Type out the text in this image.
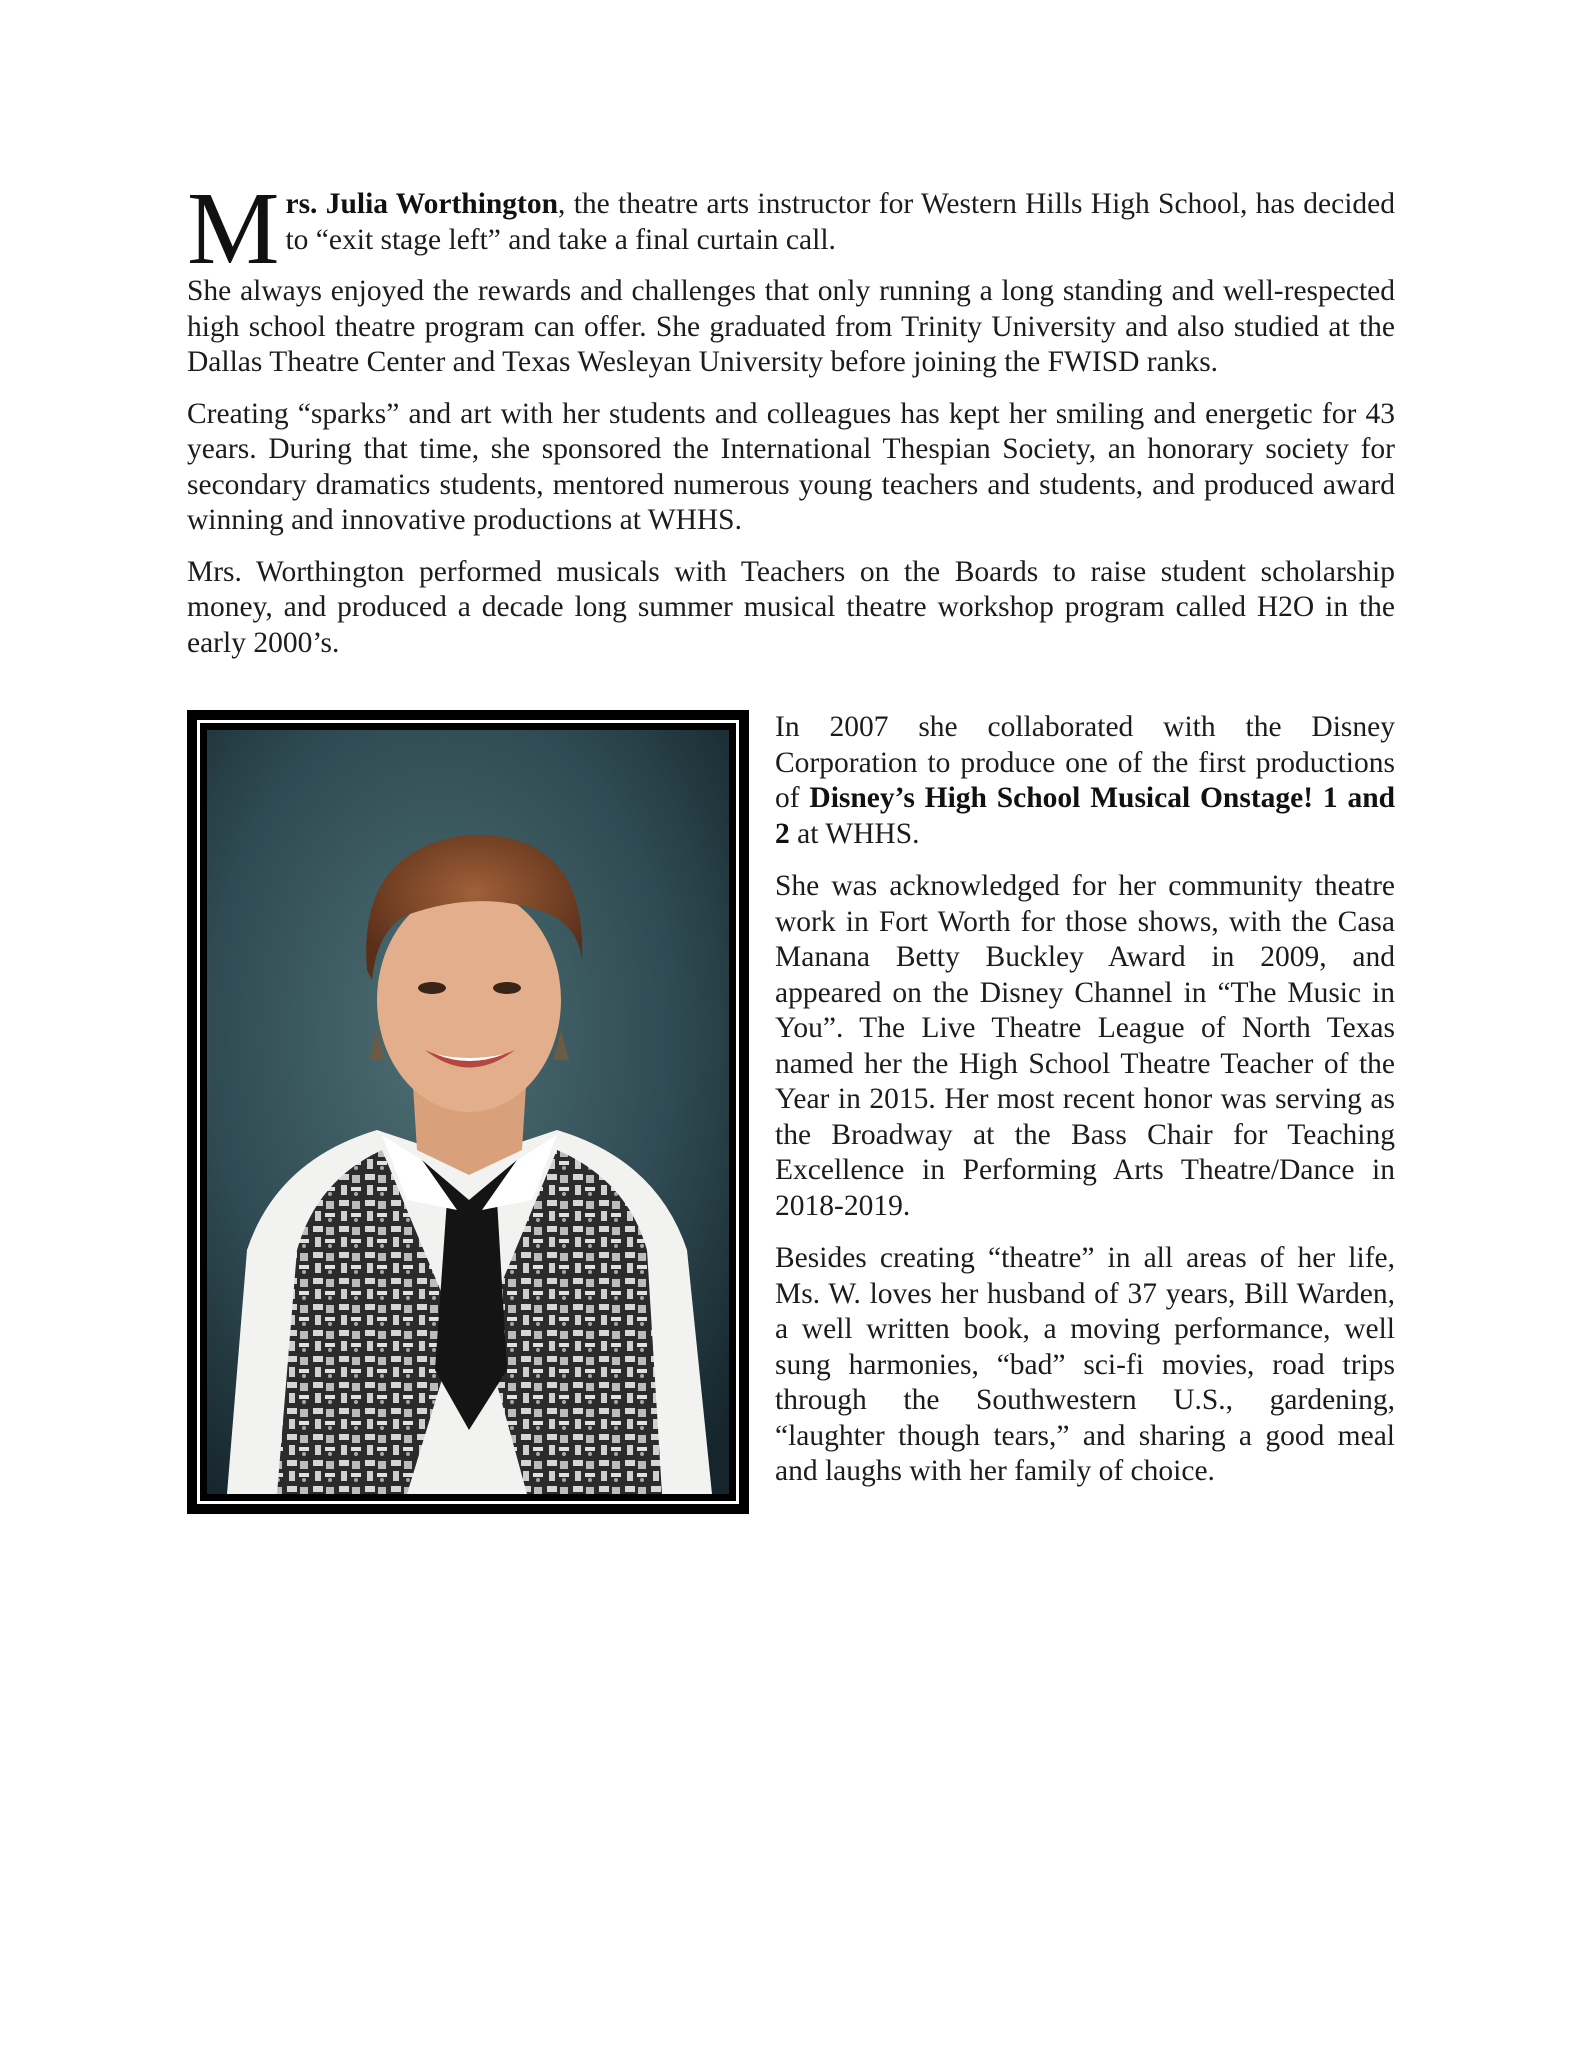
Mrs. Julia Worthington, the theatre arts instructor for Western Hills High School, has decided to “exit stage left” and take a final curtain call.

She always enjoyed the rewards and challenges that only running a long standing and well-respected high school theatre program can offer. She graduated from Trinity University and also studied at the Dallas Theatre Center and Texas Wesleyan University before joining the FWISD ranks.

Creating “sparks” and art with her students and colleagues has kept her smiling and energetic for 43 years. During that time, she sponsored the International Thespian Society, an honorary society for secondary dramatics students, mentored numerous young teachers and students, and produced award winning and innovative productions at WHHS.

Mrs. Worthington performed musicals with Teachers on the Boards to raise student scholarship money, and produced a decade long summer musical theatre workshop program called H2O in the early 2000’s.

In 2007 she collaborated with the Disney Corporation to produce one of the first productions of Disney’s High School Musical Onstage! 1 and 2 at WHHS.

She was acknowledged for her community theatre work in Fort Worth for those shows, with the Casa Manana Betty Buckley Award in 2009, and appeared on the Disney Channel in “The Music in You”. The Live Theatre League of North Texas named her the High School Theatre Teacher of the Year in 2015. Her most recent honor was serving as the Broadway at the Bass Chair for Teaching Excellence in Performing Arts Theatre/Dance in 2018-2019.

Besides creating “theatre” in all areas of her life, Ms. W. loves her husband of 37 years, Bill Warden, a well written book, a moving performance, well sung harmonies, “bad” sci-fi movies, road trips through the Southwestern U.S., gardening, “laughter though tears,” and sharing a good meal and laughs with her family of choice.
